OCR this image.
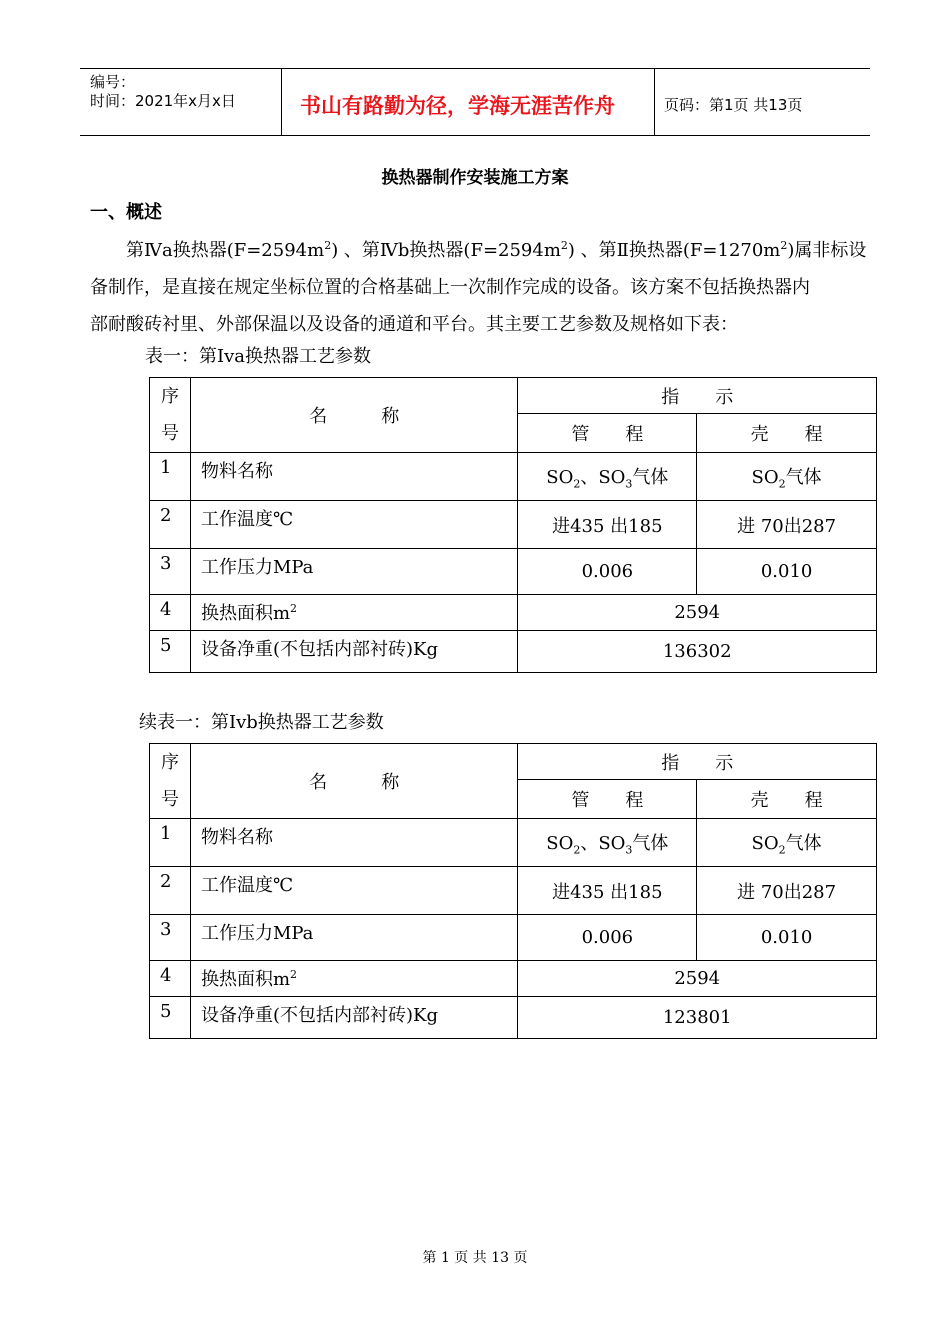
编号：
时间：2021年x月x日	书山有路勤为径，学海无涯苦作舟	页码：第1页 共13页
换热器制作安装施工方案
一、概述
第Ⅳa换热器$(F=2594m^2)$ 、第Ⅳb换热器$(F=2594m^2)$ 、第Ⅱ换热器$(F=1270m^2)$属非标设
备制作，是直接在规定坐标位置的合格基础上一次制作完成的设备。该方案不包括换热器内
部耐酸砖衬里、外部保温以及设备的通道和平台。其主要工艺参数及规格如下表：
表一：第Iva换热器工艺参数
序
号	名　　　称	指　　示	
		管　　程	壳　　程
1	物料名称	$SO_2$、$SO_3$气体	$SO_2$气体
2	工作温度℃	进435 出185	进 70出287
3	工作压力MPa	0.006	0.010
4	换热面积$m^2$	2594	
5	设备净重(不包括内部衬砖)Kg	136302	
续表一：第Ivb换热器工艺参数
序
号	名　　　称	指　　示	
		管　　程	壳　　程
1	物料名称	$SO_2$、$SO_3$气体	$SO_2$气体
2	工作温度℃	进435 出185	进 70出287
3	工作压力MPa	0.006	0.010
4	换热面积$m^2$	2594	
5	设备净重(不包括内部衬砖)Kg	123801	
第 1 页 共 13 页
